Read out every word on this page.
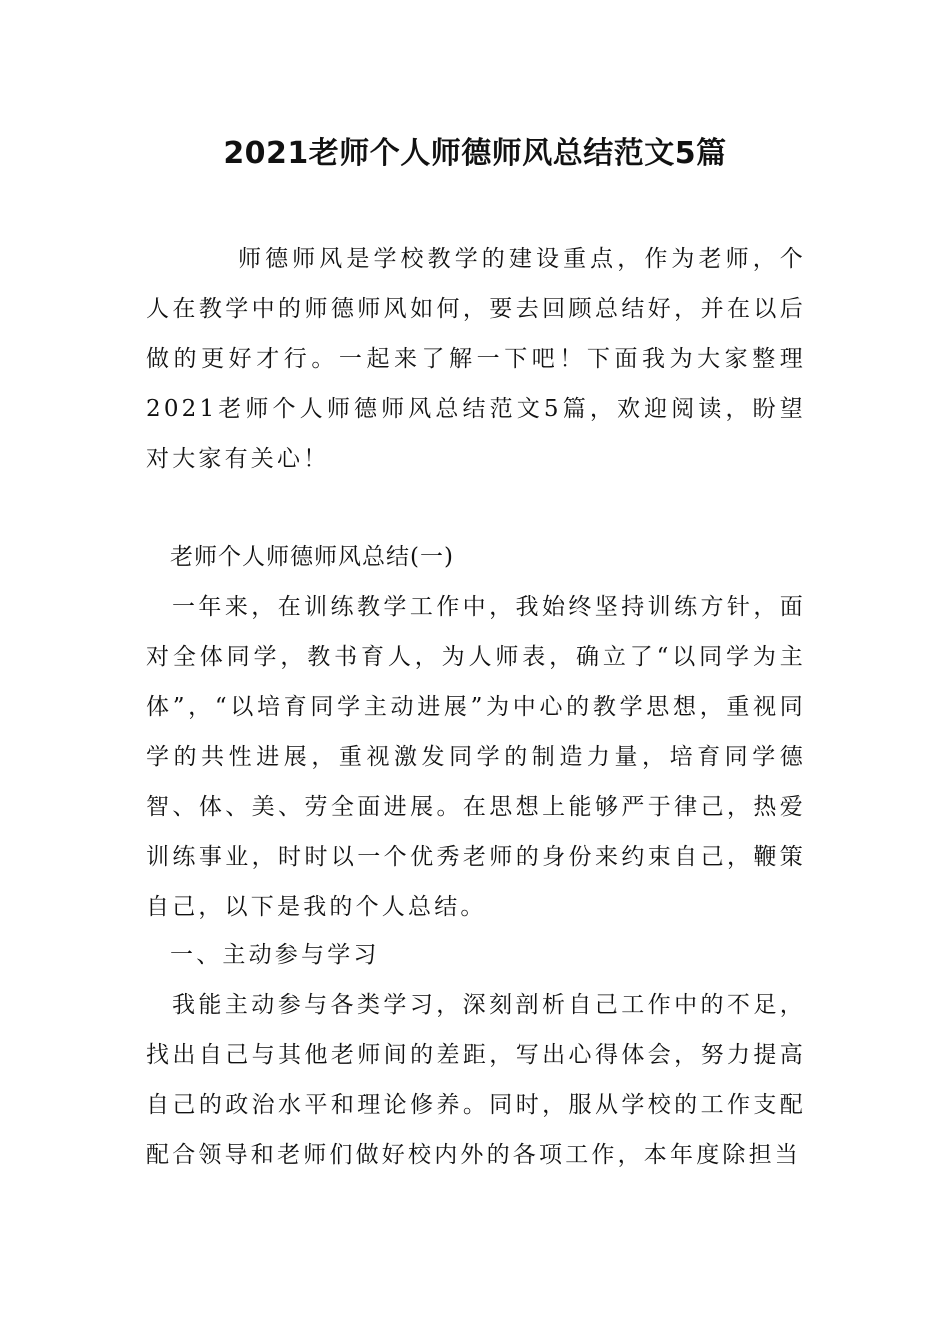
2021老师个人师德师风总结范文5篇
师德师风是学校教学的建设重点，作为老师，个人在教学中的师德师风如何，要去回顾总结好，并在以后做的更好才行。一起来了解一下吧！下面我为大家整理2021老师个人师德师风总结范文5篇，欢迎阅读，盼望对大家有关心！
老师个人师德师风总结(一)
一年来，在训练教学工作中，我始终坚持训练方针，面对全体同学，教书育人，为人师表，确立了“以同学为主体”，“以培育同学主动进展”为中心的教学思想，重视同学的共性进展，重视激发同学的制造力量，培育同学德智、体、美、劳全面进展。在思想上能够严于律己，热爱训练事业，时时以一个优秀老师的身份来约束自己，鞭策自己，以下是我的个人总结。
一、主动参与学习
我能主动参与各类学习，深刻剖析自己工作中的不足，找出自己与其他老师间的差距，写出心得体会，努力提高自己的政治水平和理论修养。同时，服从学校的工作支配配合领导和老师们做好校内外的各项工作，本年度除担当
